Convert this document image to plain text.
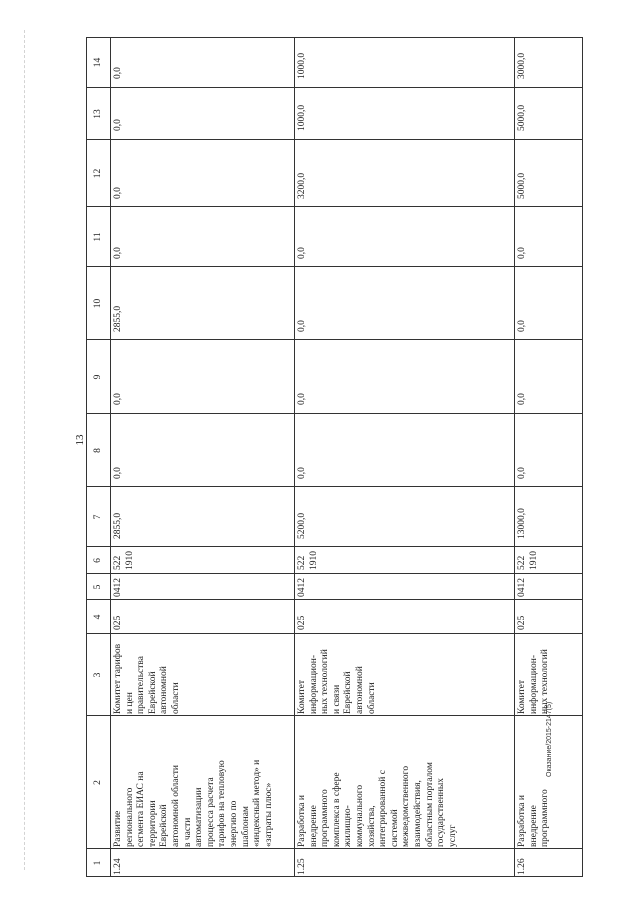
13
Оказание/2015-2147(5)
1
2
3
4
5
6
7
8
9
10
11
12
13
14
1.24
Развитие
регионального
сегмента ЕИАС на
территории
Еврейской
автономной области
в части
автоматизации
процесса расчета
тарифов на тепловую
энергию по
шаблонам
«индексный метод» и
«затраты плюс»
Комитет тарифов
и цен
правительства
Еврейской
автономной
области
025
0412
522
1910
2855,0
0,0
0,0
2855,0
0,0
0,0
0,0
0,0
1.25
Разработка и
внедрение
программного
комплекса в сфере
жилищно-
коммунального
хозяйства,
интегрированной с
системой
межведомственного
взаимодействия,
областным порталом
государственных
услуг
Комитет
информацион-
ных технологий
и связи
Еврейской
автономной
области
025
0412
522
1910
5200,0
0,0
0,0
0,0
0,0
3200,0
1000,0
1000,0
1.26
Разработка и
внедрение
программного
Комитет
информацион-
ных технологий
025
0412
522
1910
13000,0
0,0
0,0
0,0
0,0
5000,0
5000,0
3000,0
